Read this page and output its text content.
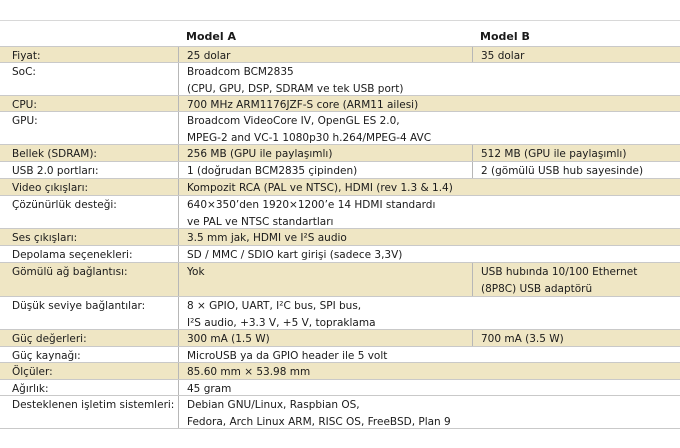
Model A	Model B
Fiyat:	25 dolar	35 dolar
SoC:	Broadcom BCM2835
(CPU, GPU, DSP, SDRAM ve tek USB port)
CPU:	700 MHz ARM1176JZF-S core (ARM11 ailesi)
GPU:	Broadcom VideoCore IV, OpenGL ES 2.0,
MPEG-2 and VC-1 1080p30 h.264/MPEG-4 AVC
Bellek (SDRAM):	256 MB (GPU ile paylaşımlı)	512 MB (GPU ile paylaşımlı)
USB 2.0 portları:	1 (doğrudan BCM2835 çipinden)	2 (gömülü USB hub sayesinde)
Video çıkışları:	Kompozit RCA (PAL ve NTSC), HDMI (rev 1.3 & 1.4)
Çözünürlük desteği:	640×350’den 1920×1200’e 14 HDMI standardı
ve PAL ve NTSC standartları
Ses çıkışları:	3.5 mm jak, HDMI ve I²S audio
Depolama seçenekleri:	SD / MMC / SDIO kart girişi (sadece 3,3V)
Gömülü ağ bağlantısı:	Yok	USB hubında 10/100 Ethernet
(8P8C) USB adaptörü
Düşük seviye bağlantılar:	8 × GPIO, UART, I²C bus, SPI bus,
I²S audio, +3.3 V, +5 V, topraklama
Güç değerleri:	300 mA (1.5 W)	700 mA (3.5 W)
Güç kaynağı:	MicroUSB ya da GPIO header ile 5 volt
Ölçüler:	85.60 mm × 53.98 mm
Ağırlık:	45 gram
Desteklenen işletim sistemleri:	Debian GNU/Linux, Raspbian OS,
Fedora, Arch Linux ARM, RISC OS, FreeBSD, Plan 9
